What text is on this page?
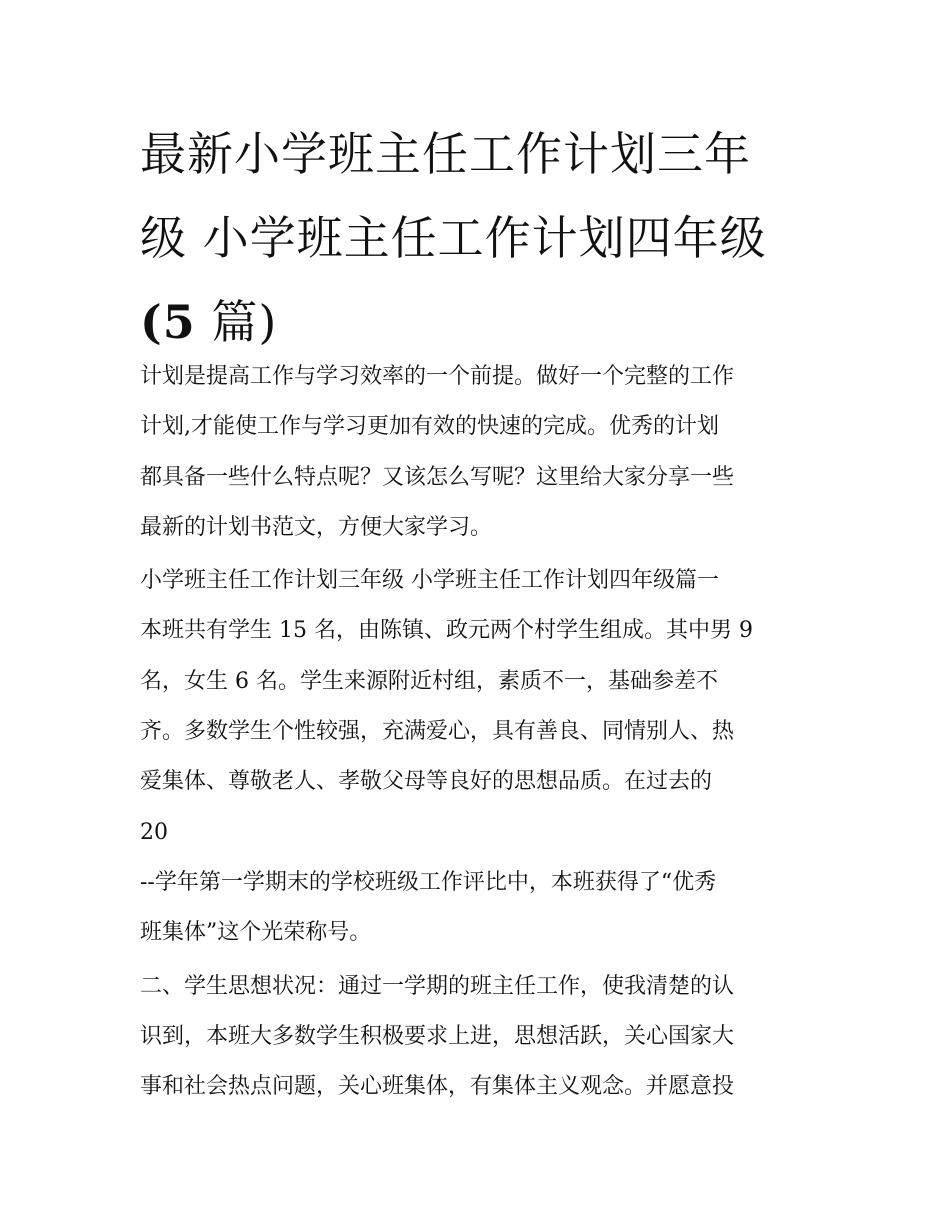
最新小学班主任工作计划三年
级 小学班主任工作计划四年级
(5 篇)
计划是提高工作与学习效率的一个前提。做好一个完整的工作
计划,才能使工作与学习更加有效的快速的完成。优秀的计划
都具备一些什么特点呢？又该怎么写呢？这里给大家分享一些
最新的计划书范文，方便大家学习。
小学班主任工作计划三年级 小学班主任工作计划四年级篇一
本班共有学生 15 名，由陈镇、政元两个村学生组成。其中男 9
名，女生 6 名。学生来源附近村组，素质不一，基础参差不
齐。多数学生个性较强，充满爱心，具有善良、同情别人、热
爱集体、尊敬老人、孝敬父母等良好的思想品质。在过去的
20
--学年第一学期末的学校班级工作评比中，本班获得了“优秀
班集体”这个光荣称号。
二、学生思想状况：通过一学期的班主任工作，使我清楚的认
识到，本班大多数学生积极要求上进，思想活跃，关心国家大
事和社会热点问题，关心班集体，有集体主义观念。并愿意投
